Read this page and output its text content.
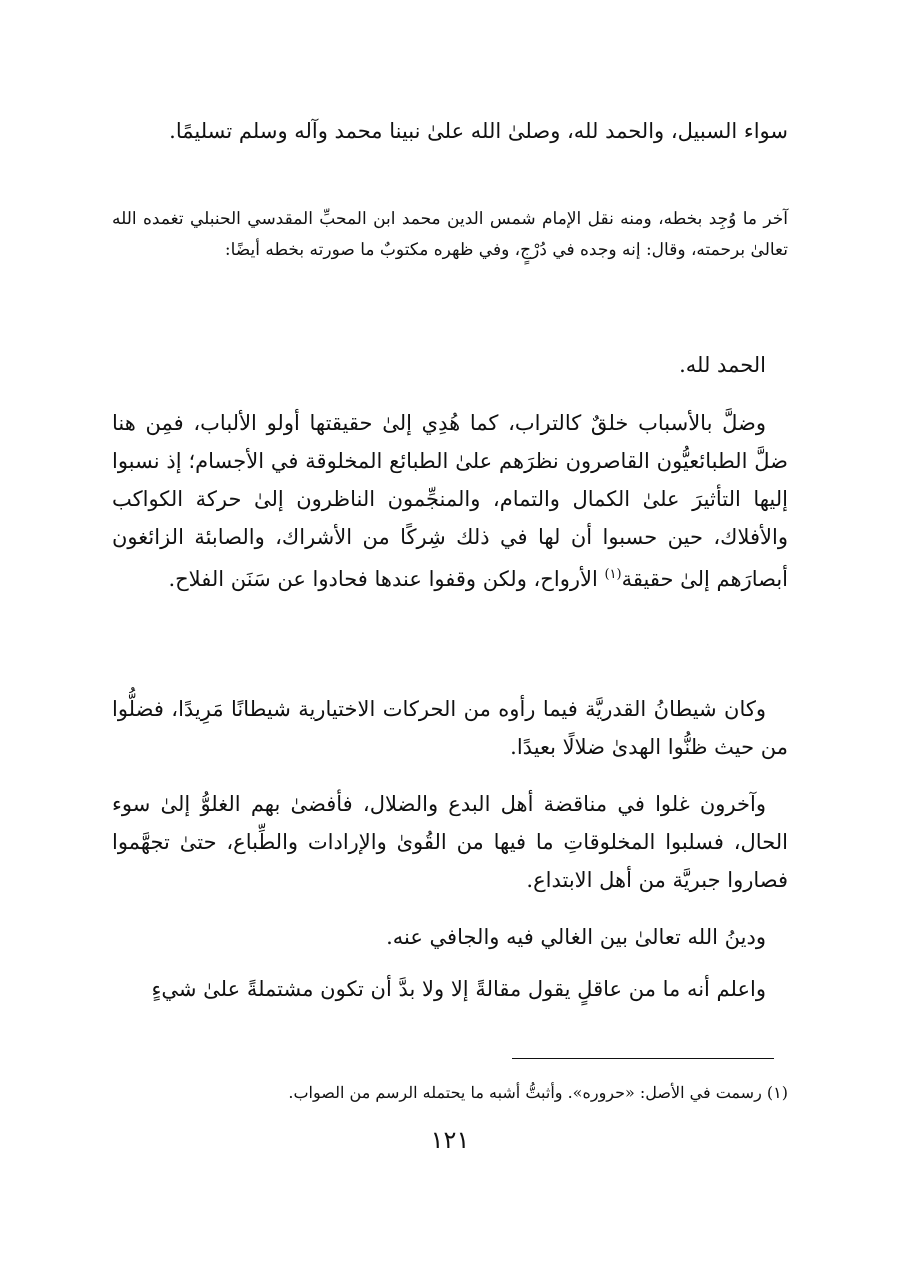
سواء السبيل، والحمد لله، وصلىٰ الله علىٰ نبينا محمد وآله وسلم تسليمًا.

آخر ما وُجِد بخطه، ومنه نقل الإمام شمس الدين محمد ابن المحبِّ المقدسي الحنبلي تغمده الله تعالىٰ برحمته، وقال: إنه وجده في دُرْجٍ، وفي ظهره مكتوبٌ ما صورته بخطه أيضًا:

الحمد لله.

وضلَّ بالأسباب خلقٌ كالتراب، كما هُدِي إلىٰ حقيقتها أولو الألباب، فمِن هنا ضلَّ الطبائعيُّون القاصرون نظرَهم علىٰ الطبائع المخلوقة في الأجسام؛ إذ نسبوا إليها التأثيرَ علىٰ الكمال والتمام، والمنجِّمون الناظرون إلىٰ حركة الكواكب والأفلاك، حين حسبوا أن لها في ذلك شِركًا من الأشراك، والصابئة الزائغون أبصارَهم إلىٰ حقيقة$^{(١)}$ الأرواح، ولكن وقفوا عندها فحادوا عن سَنَن الفلاح.

وكان شيطانُ القدريَّة فيما رأوه من الحركات الاختيارية شيطانًا مَرِيدًا، فضلُّوا من حيث ظنُّوا الهدىٰ ضلالًا بعيدًا.

وآخرون غلوا في مناقضة أهل البدع والضلال، فأفضىٰ بهم الغلوُّ إلىٰ سوء الحال، فسلبوا المخلوقاتِ ما فيها من القُوىٰ والإرادات والطِّباع، حتىٰ تجهَّموا فصاروا جبريَّة من أهل الابتداع.

ودينُ الله تعالىٰ بين الغالي فيه والجافي عنه.

واعلم أنه ما من عاقلٍ يقول مقالةً إلا ولا بدَّ أن تكون مشتملةً علىٰ شيءٍ

(١) رسمت في الأصل: «حروره». وأثبتُّ أشبه ما يحتمله الرسم من الصواب.
١٢١
